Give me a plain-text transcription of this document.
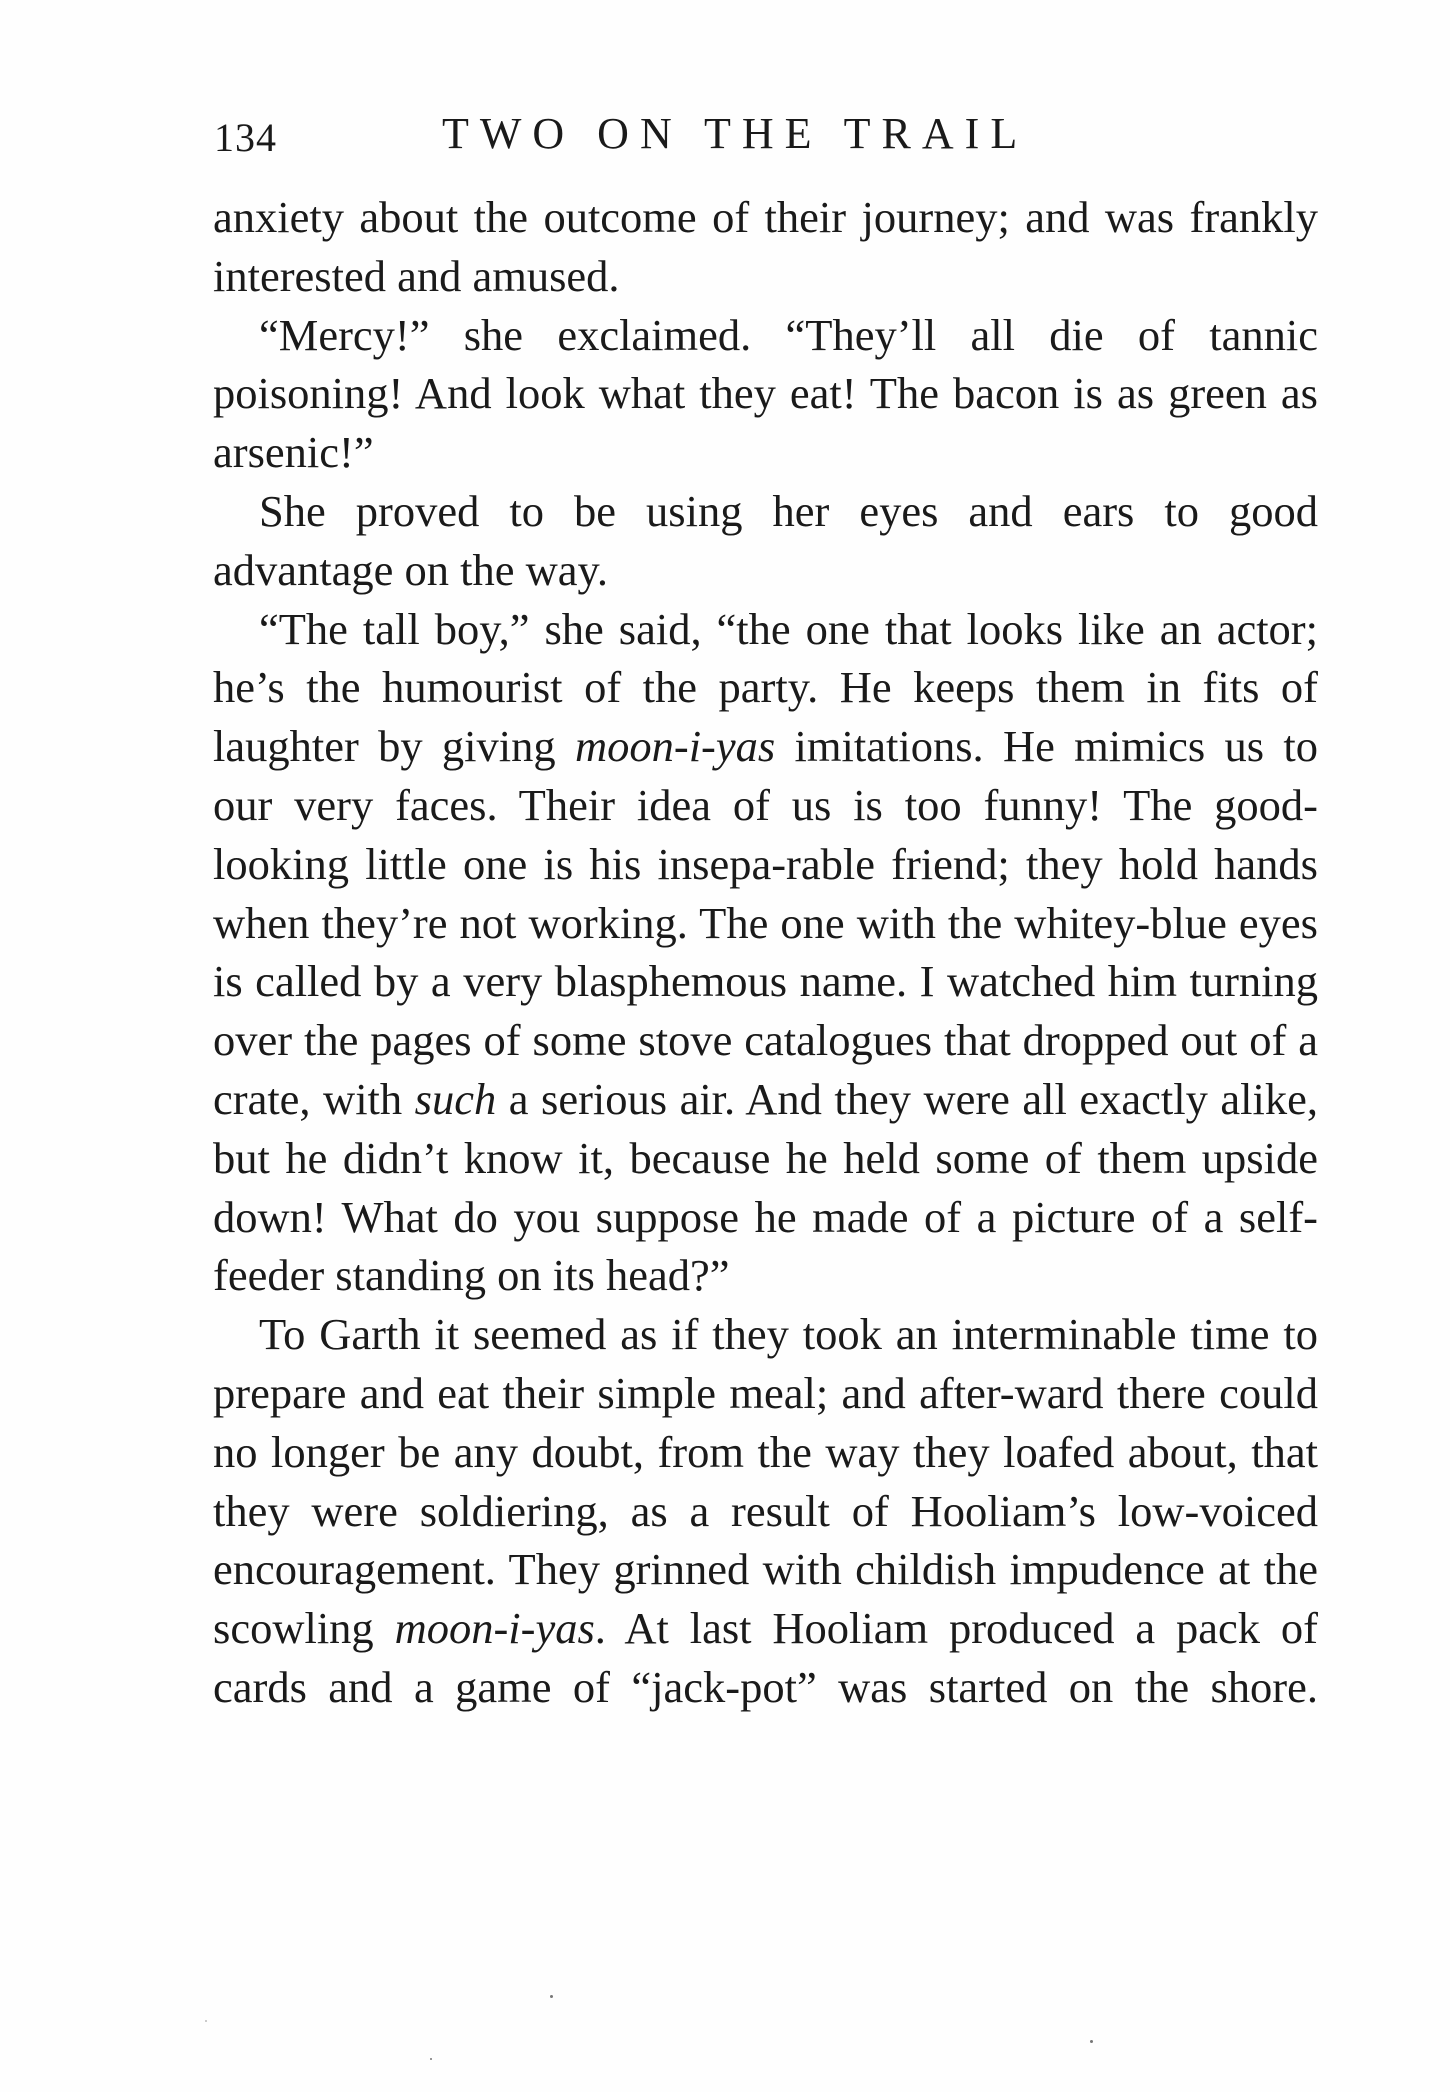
134	TWO ON THE TRAIL

anxiety about the outcome of their journey; and was frankly interested and amused.

“Mercy!” she exclaimed. “They’ll all die of tannic poisoning! And look what they eat! The bacon is as green as arsenic!”

She proved to be using her eyes and ears to good advantage on the way.

“The tall boy,” she said, “the one that looks like an actor; he’s the humourist of the party. He keeps them in fits of laughter by giving moon-i-yas imitations. He mimics us to our very faces. Their idea of us is too funny! The good-looking little one is his insepa-rable friend; they hold hands when they’re not working. The one with the whitey-blue eyes is called by a very blasphemous name. I watched him turning over the pages of some stove catalogues that dropped out of a crate, with such a serious air. And they were all exactly alike, but he didn’t know it, because he held some of them upside down! What do you suppose he made of a picture of a self-feeder standing on its head?”

To Garth it seemed as if they took an interminable time to prepare and eat their simple meal; and after-ward there could no longer be any doubt, from the way they loafed about, that they were soldiering, as a result of Hooliam’s low-voiced encouragement. They grinned with childish impudence at the scowling moon-i-yas. At last Hooliam produced a pack of cards and a game of “jack-pot” was started on the shore.
